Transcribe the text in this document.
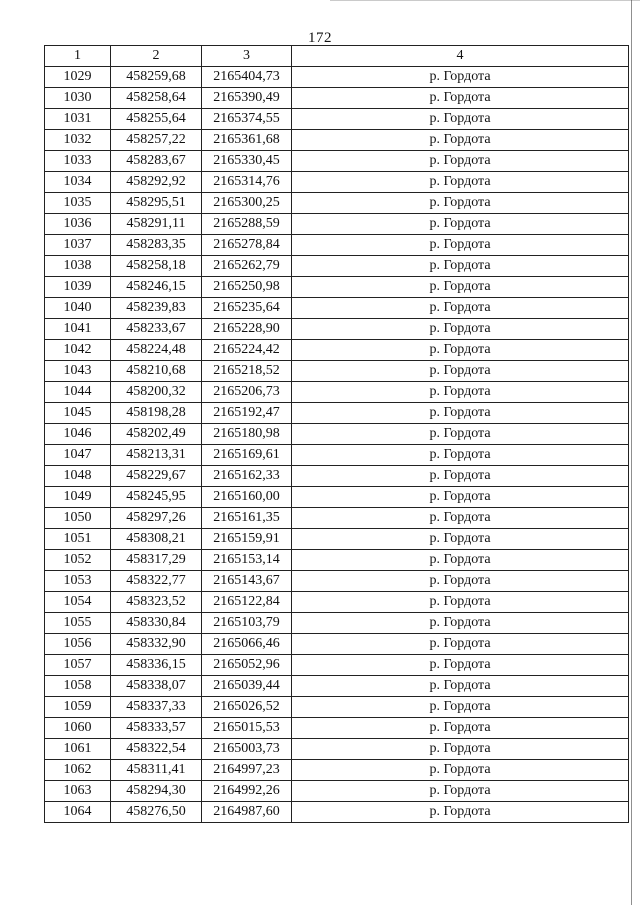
172
1	2	3	4
1029	458259,68	2165404,73	р. Гордота
1030	458258,64	2165390,49	р. Гордота
1031	458255,64	2165374,55	р. Гордота
1032	458257,22	2165361,68	р. Гордота
1033	458283,67	2165330,45	р. Гордота
1034	458292,92	2165314,76	р. Гордота
1035	458295,51	2165300,25	р. Гордота
1036	458291,11	2165288,59	р. Гордота
1037	458283,35	2165278,84	р. Гордота
1038	458258,18	2165262,79	р. Гордота
1039	458246,15	2165250,98	р. Гордота
1040	458239,83	2165235,64	р. Гордота
1041	458233,67	2165228,90	р. Гордота
1042	458224,48	2165224,42	р. Гордота
1043	458210,68	2165218,52	р. Гордота
1044	458200,32	2165206,73	р. Гордота
1045	458198,28	2165192,47	р. Гордота
1046	458202,49	2165180,98	р. Гордота
1047	458213,31	2165169,61	р. Гордота
1048	458229,67	2165162,33	р. Гордота
1049	458245,95	2165160,00	р. Гордота
1050	458297,26	2165161,35	р. Гордота
1051	458308,21	2165159,91	р. Гордота
1052	458317,29	2165153,14	р. Гордота
1053	458322,77	2165143,67	р. Гордота
1054	458323,52	2165122,84	р. Гордота
1055	458330,84	2165103,79	р. Гордота
1056	458332,90	2165066,46	р. Гордота
1057	458336,15	2165052,96	р. Гордота
1058	458338,07	2165039,44	р. Гордота
1059	458337,33	2165026,52	р. Гордота
1060	458333,57	2165015,53	р. Гордота
1061	458322,54	2165003,73	р. Гордота
1062	458311,41	2164997,23	р. Гордота
1063	458294,30	2164992,26	р. Гордота
1064	458276,50	2164987,60	р. Гордота
